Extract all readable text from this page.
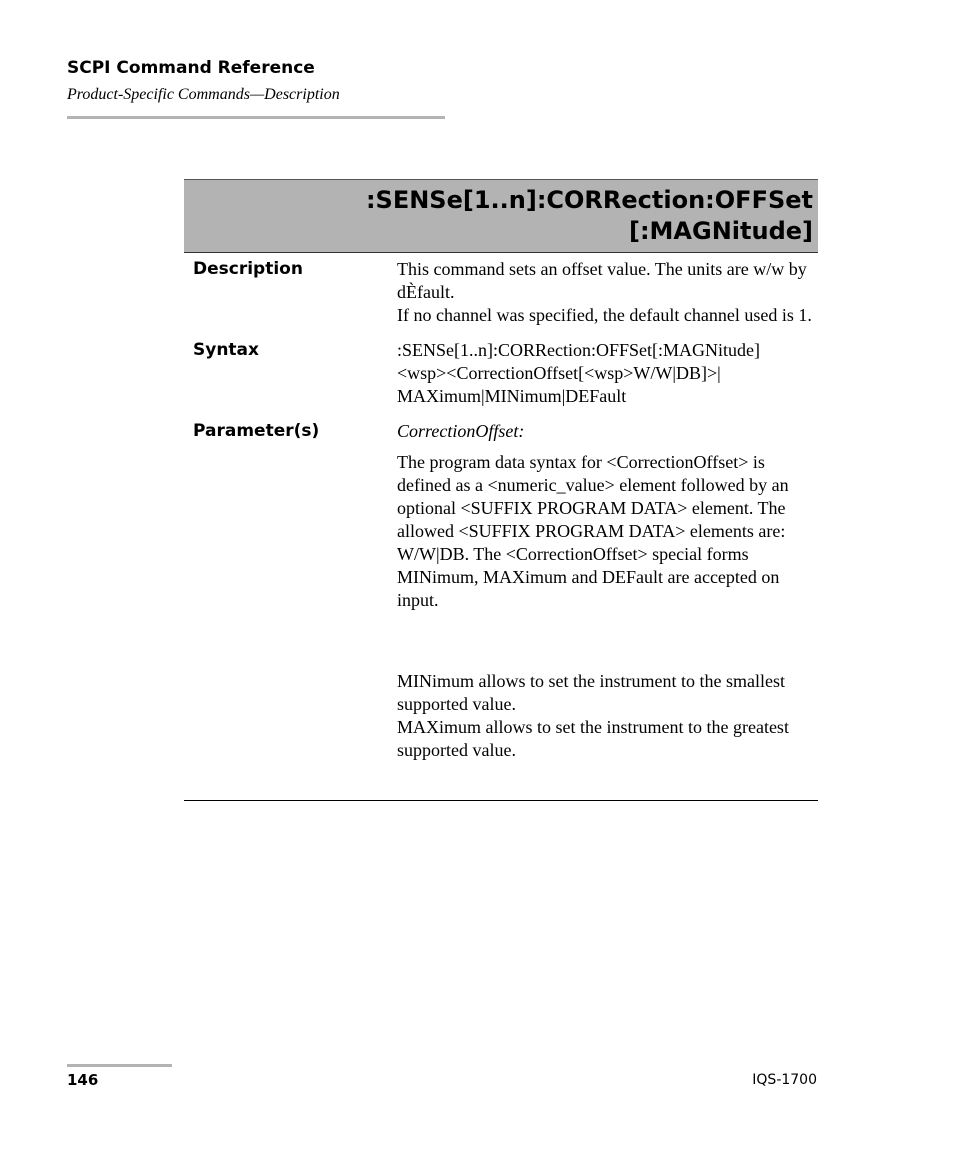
SCPI Command Reference
Product-Specific Commands—Description
:SENSe[1..n]:CORRection:OFFSet
[:MAGNitude]
Description	This command sets an offset value. The units are w/w by dÈfault.

If no channel was specified, the default channel used is 1.

Syntax	:SENSe[1..n]:CORRection:OFFSet[:MAGNitude]

<wsp><CorrectionOffset[<wsp>W/W|DB]>|

MAXimum|MINimum|DEFault

Parameter(s)	CorrectionOffset:

The program data syntax for <CorrectionOffset> is defined as a <numeric_value> element followed by an optional <SUFFIX PROGRAM DATA> element. The allowed <SUFFIX PROGRAM DATA> elements are: W/W|DB. The <CorrectionOffset> special forms MINimum, MAXimum and DEFault are accepted on input.

MINimum allows to set the instrument to the smallest supported value.

MAXimum allows to set the instrument to the greatest supported value.

146	IQS-1700
